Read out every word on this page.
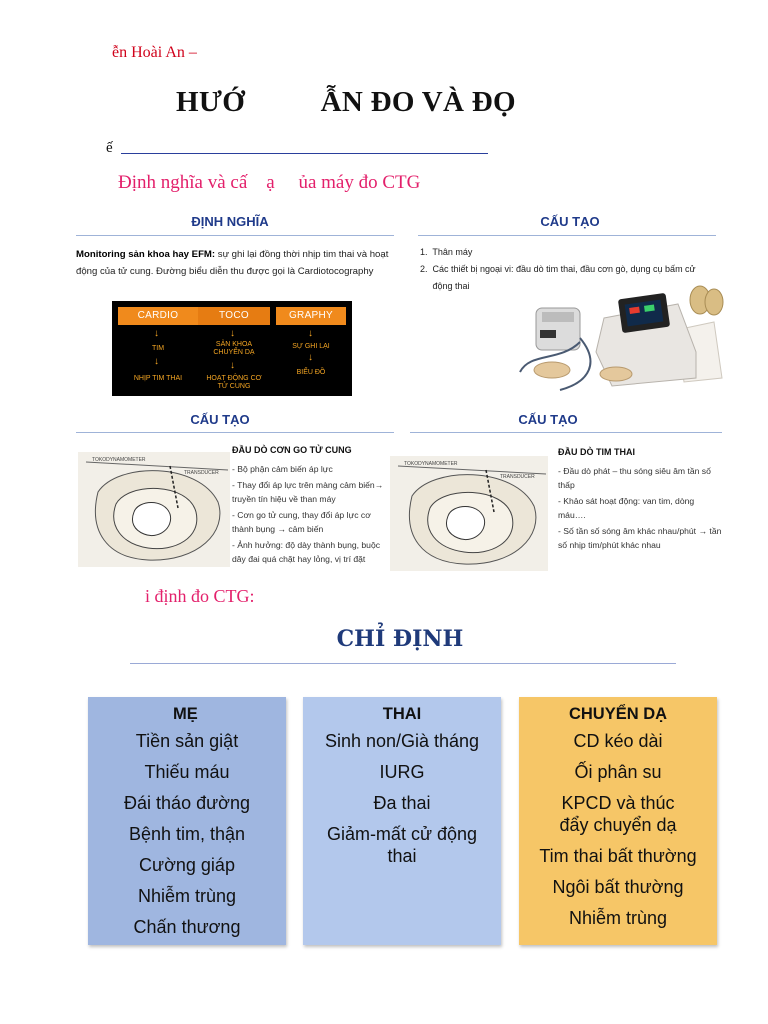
ễn Hoài An –
HƯỚ          ẪN ĐO VÀ ĐỌ
ế
Định nghĩa và cấ    ạ     ủa máy đo CTG
ĐỊNH NGHĨA
Monitoring sản khoa hay EFM: sự ghi lại đồng thời nhịp tim thai và hoạt động của tử cung. Đường biểu diễn thu được gọi là Cardiotocography
CARDIO	TOCO	GRAPHY
↓
TIM
↓
NHỊP TIM THAI
↓
SẢN KHOA
CHUYỂN DẠ
↓
HOẠT ĐỘNG CƠ
TỬ CUNG
↓
SỰ GHI LẠI
↓
BIỂU ĐỒ
CẤU TẠO
1.  Thân máy
2.  Các thiết bị ngoại vi: đầu dò tim thai, đầu cơn gò, dụng cụ bấm cử
động thai
CẤU TẠO
TOKODYNAMOMETER
TRANSDUCER
ĐẦU DÒ CƠN GO TỬ CUNG

- Bộ phận cảm biến áp lực

- Thay đổi áp lực trên màng cảm biến→ truyền tín hiệu về than máy

- Cơn go tử cung, thay đổi áp lực cơ thành bụng → cảm biến

- Ảnh hưởng: độ dày thành bụng, buộc dây đai quá chặt hay lỏng, vị trí đặt

CẤU TẠO
TOKODYNAMOMETER
TRANSDUCER
ĐẦU DÒ TIM THAI

- Đầu dò phát – thu sóng siêu âm tần số thấp

- Khảo sát hoạt động: van tim, dòng máu….

- Số tần số sóng âm khác nhau/phút → tần số nhịp tim/phút khác nhau

i định đo CTG:
CHỈ ĐỊNH
MẸ
Tiền sản giật
Thiếu máu
Đái tháo đường
Bệnh tim, thận
Cường giáp
Nhiễm trùng
Chấn thương
THAI
Sinh non/Già tháng
IURG
Đa thai
Giảm-mất cử động thai
CHUYỂN DẠ
CD kéo dài
Ối phân su
KPCD và thúc đẩy chuyển dạ
Tim thai bất thường
Ngôi bất thường
Nhiễm trùng
